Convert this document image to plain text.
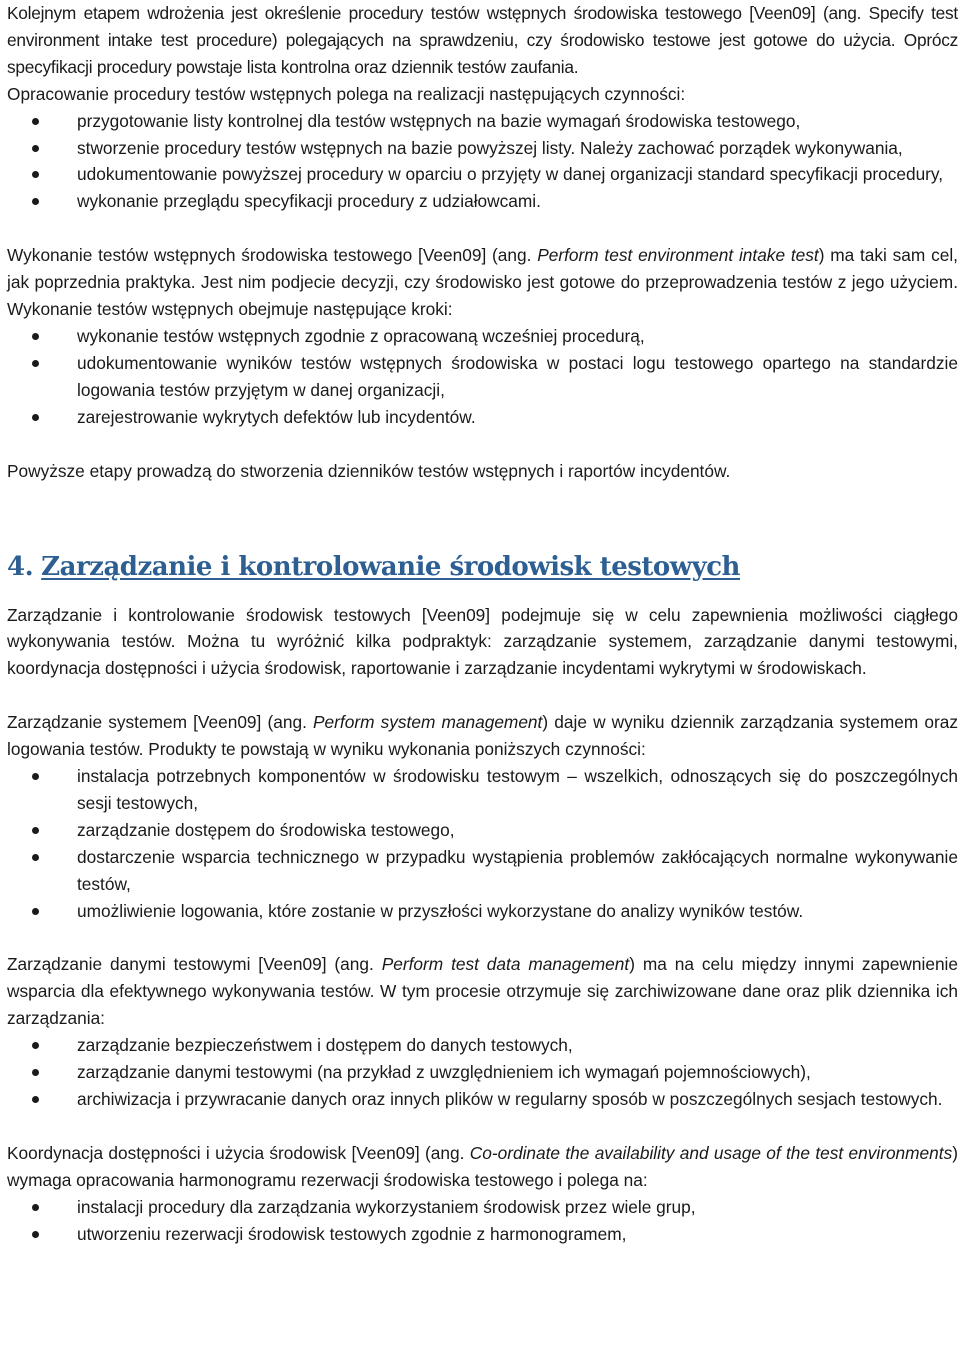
Kolejnym etapem wdrożenia jest określenie procedury testów wstępnych środowiska testowego [Veen09] (ang. Specify test environment intake test procedure) polegających na sprawdzeniu, czy środowisko testowe jest gotowe do użycia. Oprócz specyfikacji procedury powstaje lista kontrolna oraz dziennik testów zaufania.

Opracowanie procedury testów wstępnych polega na realizacji następujących czynności:

przygotowanie listy kontrolnej dla testów wstępnych na bazie wymagań środowiska testowego,
stworzenie procedury testów wstępnych na bazie powyższej listy. Należy zachować porządek wykonywania,
udokumentowanie powyższej procedury w oparciu o przyjęty w danej organizacji standard specyfikacji procedury,
wykonanie przeglądu specyfikacji procedury z udziałowcami.

Wykonanie testów wstępnych środowiska testowego [Veen09] (ang. Perform test environment intake test) ma taki sam cel, jak poprzednia praktyka. Jest nim podjecie decyzji, czy środowisko jest gotowe do przeprowadzenia testów z jego użyciem. Wykonanie testów wstępnych obejmuje następujące kroki:

wykonanie testów wstępnych zgodnie z opracowaną wcześniej procedurą,
udokumentowanie wyników testów wstępnych środowiska w postaci logu testowego opartego na standardzie logowania testów przyjętym w danej organizacji,
zarejestrowanie wykrytych defektów lub incydentów.

Powyższe etapy prowadzą do stworzenia dzienników testów wstępnych i raportów incydentów.

4. Zarządzanie i kontrolowanie środowisk testowych

Zarządzanie i kontrolowanie środowisk testowych [Veen09] podejmuje się w celu zapewnienia możliwości ciągłego wykonywania testów. Można tu wyróżnić kilka podpraktyk: zarządzanie systemem, zarządzanie danymi testowymi, koordynacja dostępności i użycia środowisk, raportowanie i zarządzanie incydentami wykrytymi w środowiskach.

Zarządzanie systemem [Veen09] (ang. Perform system management) daje w wyniku dziennik zarządzania systemem oraz logowania testów. Produkty te powstają w wyniku wykonania poniższych czynności:

instalacja potrzebnych komponentów w środowisku testowym – wszelkich, odnoszących się do poszczególnych sesji testowych,
zarządzanie dostępem do środowiska testowego,
dostarczenie wsparcia technicznego w przypadku wystąpienia problemów zakłócających normalne wykonywanie testów,
umożliwienie logowania, które zostanie w przyszłości wykorzystane do analizy wyników testów.

Zarządzanie danymi testowymi [Veen09] (ang. Perform test data management) ma na celu między innymi zapewnienie wsparcia dla efektywnego wykonywania testów. W tym procesie otrzymuje się zarchiwizowane dane oraz plik dziennika ich zarządzania:

zarządzanie bezpieczeństwem i dostępem do danych testowych,
zarządzanie danymi testowymi (na przykład z uwzględnieniem ich wymagań pojemnościowych),
archiwizacja i przywracanie danych oraz innych plików w regularny sposób w poszczególnych sesjach testowych.

Koordynacja dostępności i użycia środowisk [Veen09] (ang. Co-ordinate the availability and usage of the test environments) wymaga opracowania harmonogramu rezerwacji środowiska testowego i polega na:

instalacji procedury dla zarządzania wykorzystaniem środowisk przez wiele grup,
utworzeniu rezerwacji środowisk testowych zgodnie z harmonogramem,
